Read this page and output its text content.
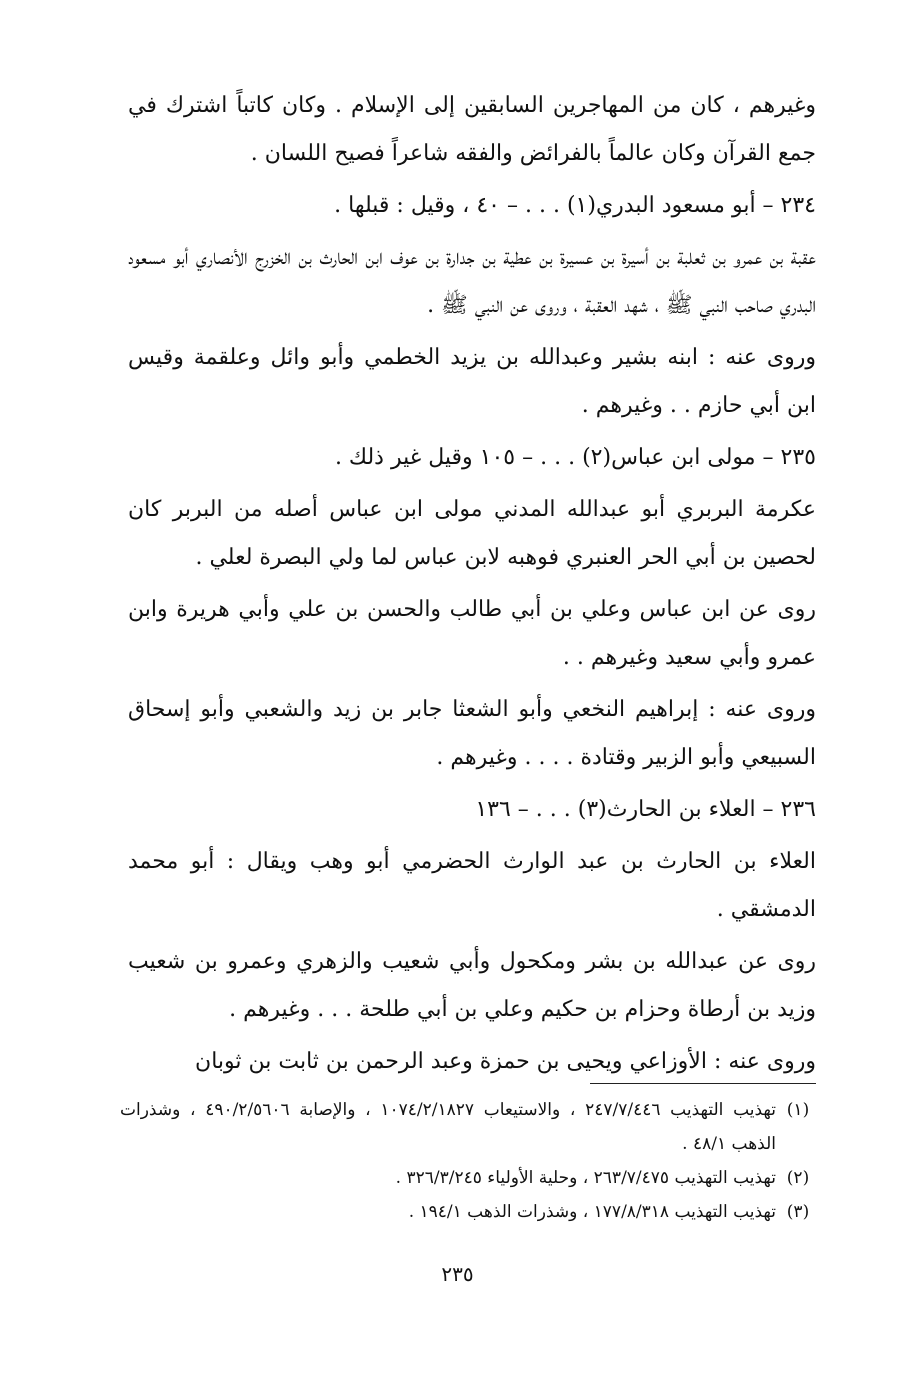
وغيرهم ، كان من المهاجرين السابقين إلى الإسلام . وكان كاتباً اشترك في جمع القرآن وكان عالماً بالفرائض والفقه شاعراً فصيح اللسان .

٢٣٤ – أبو مسعود البدري(١) . . . – ٤٠ ، وقيل : قبلها .

عقبة بن عمرو بن ثعلبة بن أسيرة بن عسيرة بن عطية بن جدارة بن عوف ابن الحارث بن الخزرج الأنصاري أبو مسعود البدري صاحب النبي ﷺ ، شهد العقبة ، وروى عن النبي ﷺ .

وروى عنه : ابنه بشير وعبدالله بن يزيد الخطمي وأبو وائل وعلقمة وقيس ابن أبي حازم . . وغيرهم .

٢٣٥ – مولى ابن عباس(٢) . . . – ١٠٥ وقيل غير ذلك .

عكرمة البربري أبو عبدالله المدني مولى ابن عباس أصله من البربر كان لحصين بن أبي الحر العنبري فوهبه لابن عباس لما ولي البصرة لعلي .

روى عن ابن عباس وعلي بن أبي طالب والحسن بن علي وأبي هريرة وابن عمرو وأبي سعيد وغيرهم . .

وروى عنه : إبراهيم النخعي وأبو الشعثا جابر بن زيد والشعبي وأبو إسحاق السبيعي وأبو الزبير وقتادة . . . . وغيرهم .

٢٣٦ – العلاء بن الحارث(٣) . . . – ١٣٦

العلاء بن الحارث بن عبد الوارث الحضرمي أبو وهب ويقال : أبو محمد الدمشقي .

روى عن عبدالله بن بشر ومكحول وأبي شعيب والزهري وعمرو بن شعيب وزيد بن أرطاة وحزام بن حكيم وعلي بن أبي طلحة . . . وغيرهم .

وروى عنه : الأوزاعي ويحيى بن حمزة وعبد الرحمن بن ثابت بن ثوبان

(١)
تهذيب التهذيب ٢٤٧/٧/٤٤٦ ، والاستيعاب ١٠٧٤/٢/١٨٢٧ ، والإصابة ٤٩٠/٢/٥٦٠٦ ، وشذرات الذهب ٤٨/١ .
(٢)
تهذيب التهذيب ٢٦٣/٧/٤٧٥ ، وحلية الأولياء ٣٢٦/٣/٢٤٥ .
(٣)
تهذيب التهذيب ١٧٧/٨/٣١٨ ، وشذرات الذهب ١٩٤/١ .
٢٣٥
